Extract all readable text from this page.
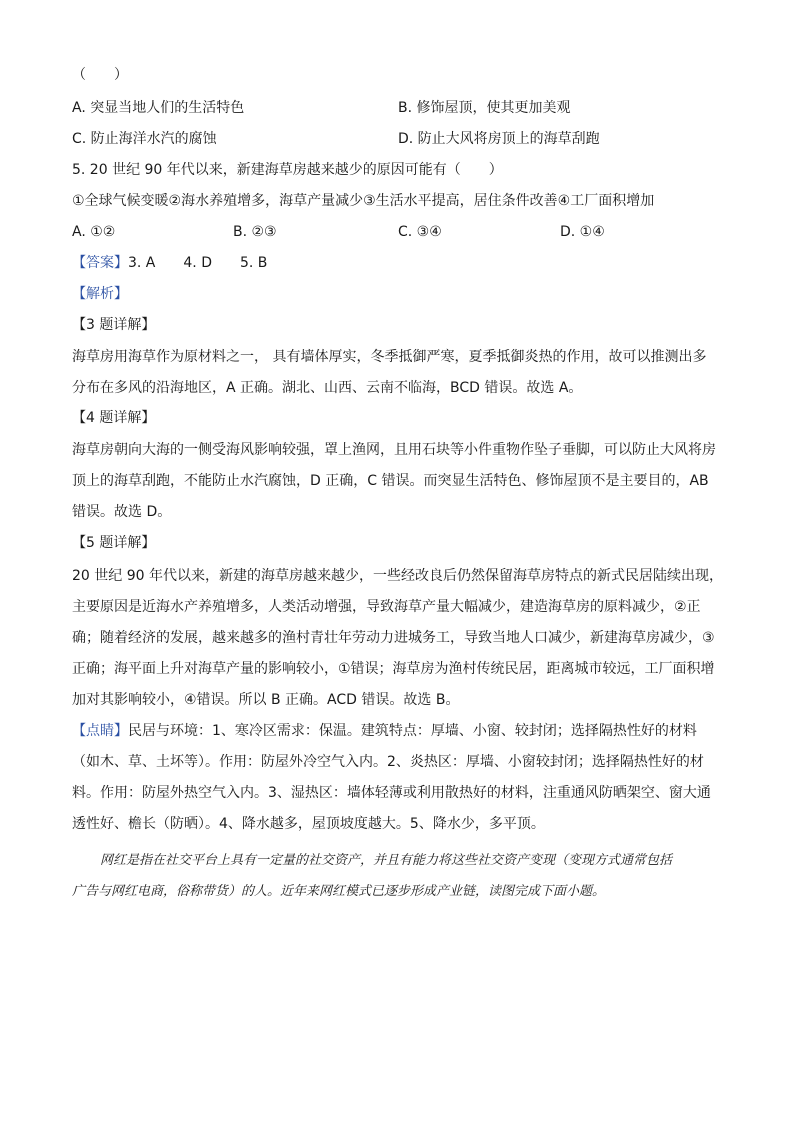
（　　）
A. 突显当地人们的生活特色	B. 修饰屋顶，使其更加美观
C. 防止海洋水汽的腐蚀	D. 防止大风将房顶上的海草刮跑
5. 20 世纪 90 年代以来，新建海草房越来越少的原因可能有（　　）
①全球气候变暖②海水养殖增多，海草产量减少③生活水平提高，居住条件改善④工厂面积增加
A. ①②	B. ②③	C. ③④	D. ①④
【答案】3. A　　4. D　　5. B
【解析】
【3 题详解】
海草房用海草作为原材料之一， 具有墙体厚实，冬季抵御严寒，夏季抵御炎热的作用，故可以推测出多
分布在多风的沿海地区，A 正确。湖北、山西、云南不临海，BCD 错误。故选 A。
【4 题详解】
海草房朝向大海的一侧受海风影响较强，罩上渔网，且用石块等小件重物作坠子垂脚，可以防止大风将房
顶上的海草刮跑，不能防止水汽腐蚀，D 正确，C 错误。而突显生活特色、修饰屋顶不是主要目的，AB
错误。故选 D。
【5 题详解】
20 世纪 90 年代以来，新建的海草房越来越少，一些经改良后仍然保留海草房特点的新式民居陆续出现，
主要原因是近海水产养殖增多，人类活动增强，导致海草产量大幅减少，建造海草房的原料减少，②正
确；随着经济的发展，越来越多的渔村青壮年劳动力进城务工，导致当地人口减少，新建海草房减少，③
正确；海平面上升对海草产量的影响较小，①错误；海草房为渔村传统民居，距离城市较远，工厂面积增
加对其影响较小，④错误。所以 B 正确。ACD 错误。故选 B。
【点睛】民居与环境：1、寒冷区需求：保温。建筑特点：厚墙、小窗、较封闭；选择隔热性好的材料
（如木、草、土坏等）。作用：防屋外冷空气入内。2、炎热区：厚墙、小窗较封闭；选择隔热性好的材
料。作用：防屋外热空气入内。3、湿热区：墙体轻薄或利用散热好的材料，注重通风防晒架空、窗大通
透性好、檐长（防晒）。4、降水越多，屋顶坡度越大。5、降水少，多平顶。
网红是指在社交平台上具有一定量的社交资产，并且有能力将这些社交资产变现（变现方式通常包括
广告与网红电商，俗称带货）的人。近年来网红模式已逐步形成产业链，读图完成下面小题。
